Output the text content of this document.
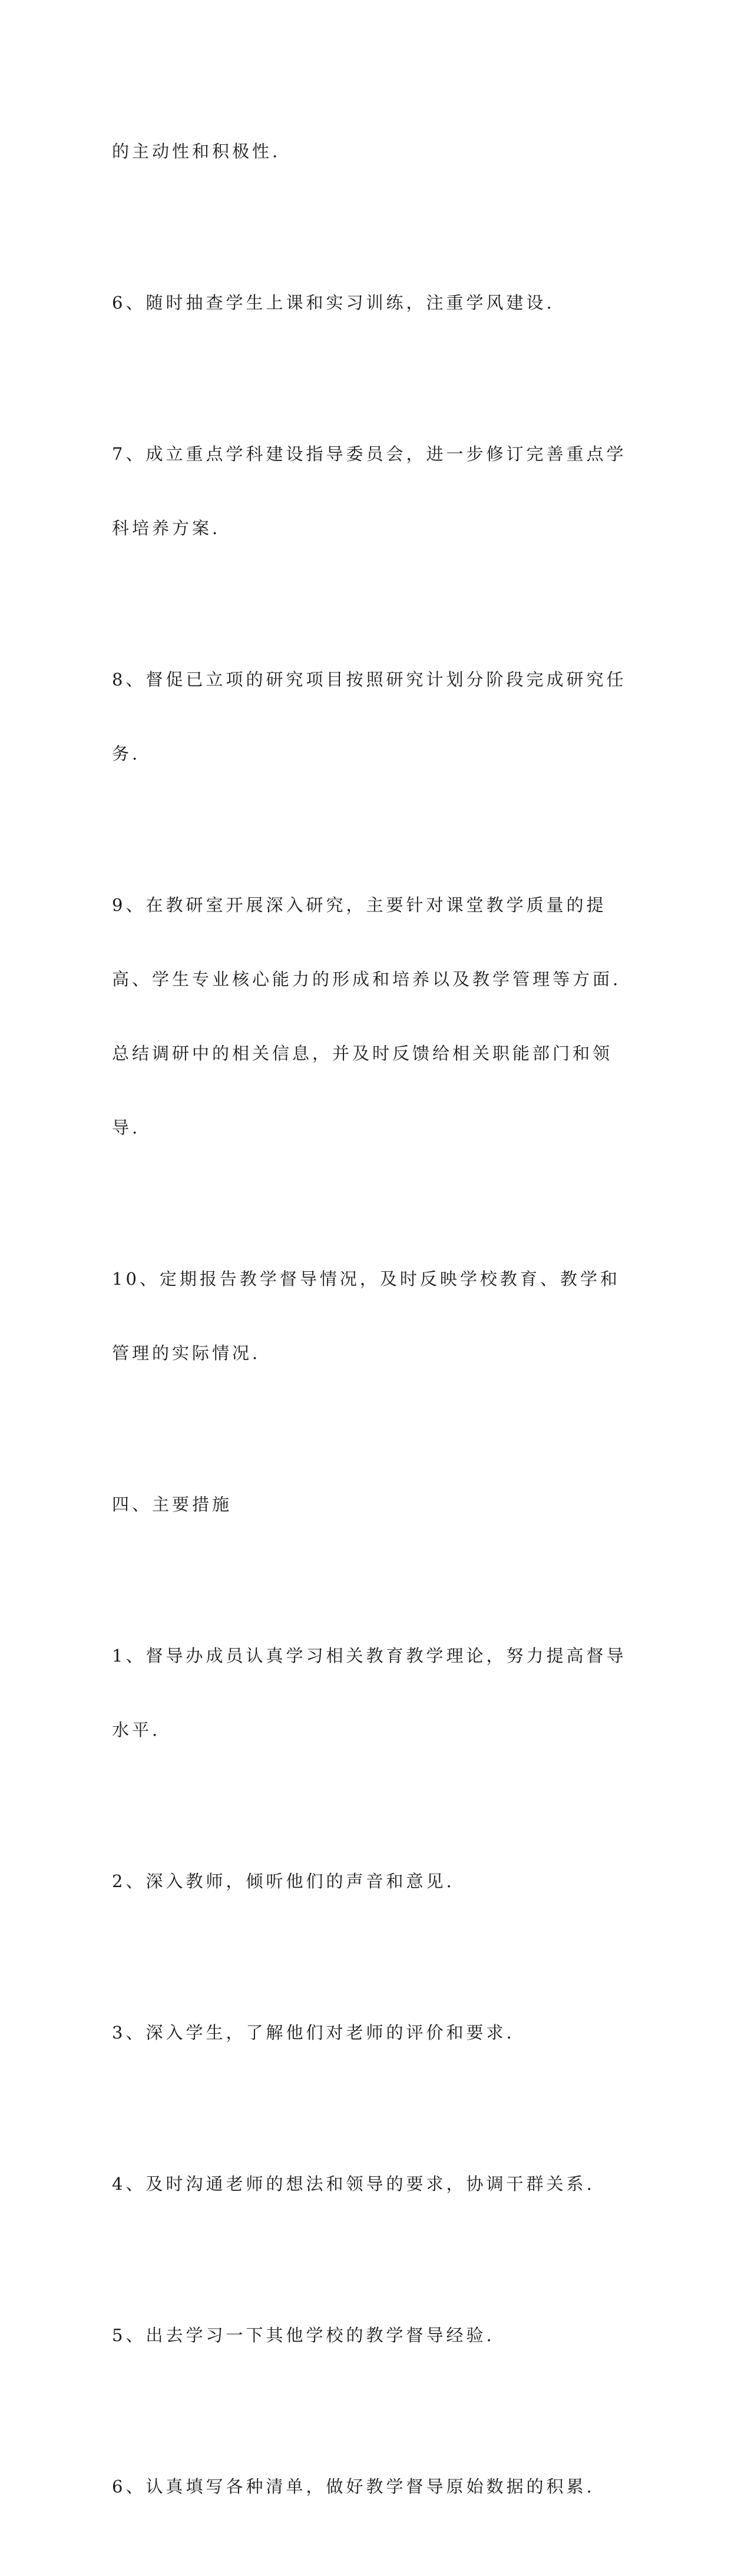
的主动性和积极性.

6、随时抽查学生上课和实习训练，注重学风建设.

7、成立重点学科建设指导委员会，进一步修订完善重点学

科培养方案.

8、督促已立项的研究项目按照研究计划分阶段完成研究任

务.

9、在教研室开展深入研究，主要针对课堂教学质量的提

高、学生专业核心能力的形成和培养以及教学管理等方面.

总结调研中的相关信息，并及时反馈给相关职能部门和领

导.

10、定期报告教学督导情况，及时反映学校教育、教学和

管理的实际情况.

四、主要措施

1、督导办成员认真学习相关教育教学理论，努力提高督导

水平.

2、深入教师，倾听他们的声音和意见.

3、深入学生，了解他们对老师的评价和要求.

4、及时沟通老师的想法和领导的要求，协调干群关系.

5、出去学习一下其他学校的教学督导经验.

6、认真填写各种清单，做好教学督导原始数据的积累.
